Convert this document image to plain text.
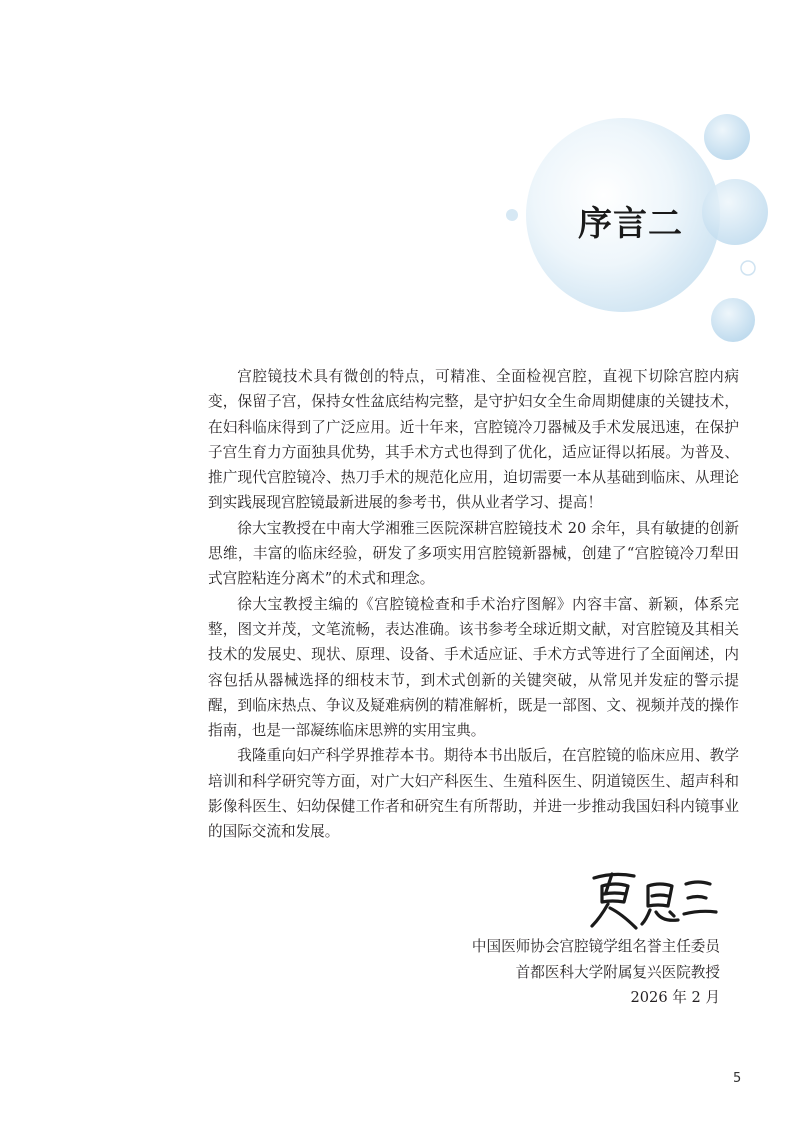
序言二

宫腔镜技术具有微创的特点，可精准、全面检视宫腔，直视下切除宫腔内病变，保留子宫，保持女性盆底结构完整，是守护妇女全生命周期健康的关键技术，在妇科临床得到了广泛应用。近十年来，宫腔镜冷刀器械及手术发展迅速，在保护子宫生育力方面独具优势，其手术方式也得到了优化，适应证得以拓展。为普及、推广现代宫腔镜冷、热刀手术的规范化应用，迫切需要一本从基础到临床、从理论到实践展现宫腔镜最新进展的参考书，供从业者学习、提高！

徐大宝教授在中南大学湘雅三医院深耕宫腔镜技术 20 余年，具有敏捷的创新思维，丰富的临床经验，研发了多项实用宫腔镜新器械，创建了“宫腔镜冷刀犁田式宫腔粘连分离术”的术式和理念。

徐大宝教授主编的《宫腔镜检查和手术治疗图解》内容丰富、新颖，体系完整，图文并茂，文笔流畅，表达准确。该书参考全球近期文献，对宫腔镜及其相关技术的发展史、现状、原理、设备、手术适应证、手术方式等进行了全面阐述，内容包括从器械选择的细枝末节，到术式创新的关键突破，从常见并发症的警示提醒，到临床热点、争议及疑难病例的精准解析，既是一部图、文、视频并茂的操作指南，也是一部凝练临床思辨的实用宝典。

我隆重向妇产科学界推荐本书。期待本书出版后，在宫腔镜的临床应用、教学培训和科学研究等方面，对广大妇产科医生、生殖科医生、阴道镜医生、超声科和影像科医生、妇幼保健工作者和研究生有所帮助，并进一步推动我国妇科内镜事业的国际交流和发展。

中国医师协会宫腔镜学组名誉主任委员
首都医科大学附属复兴医院教授
2026 年 2 月
5
